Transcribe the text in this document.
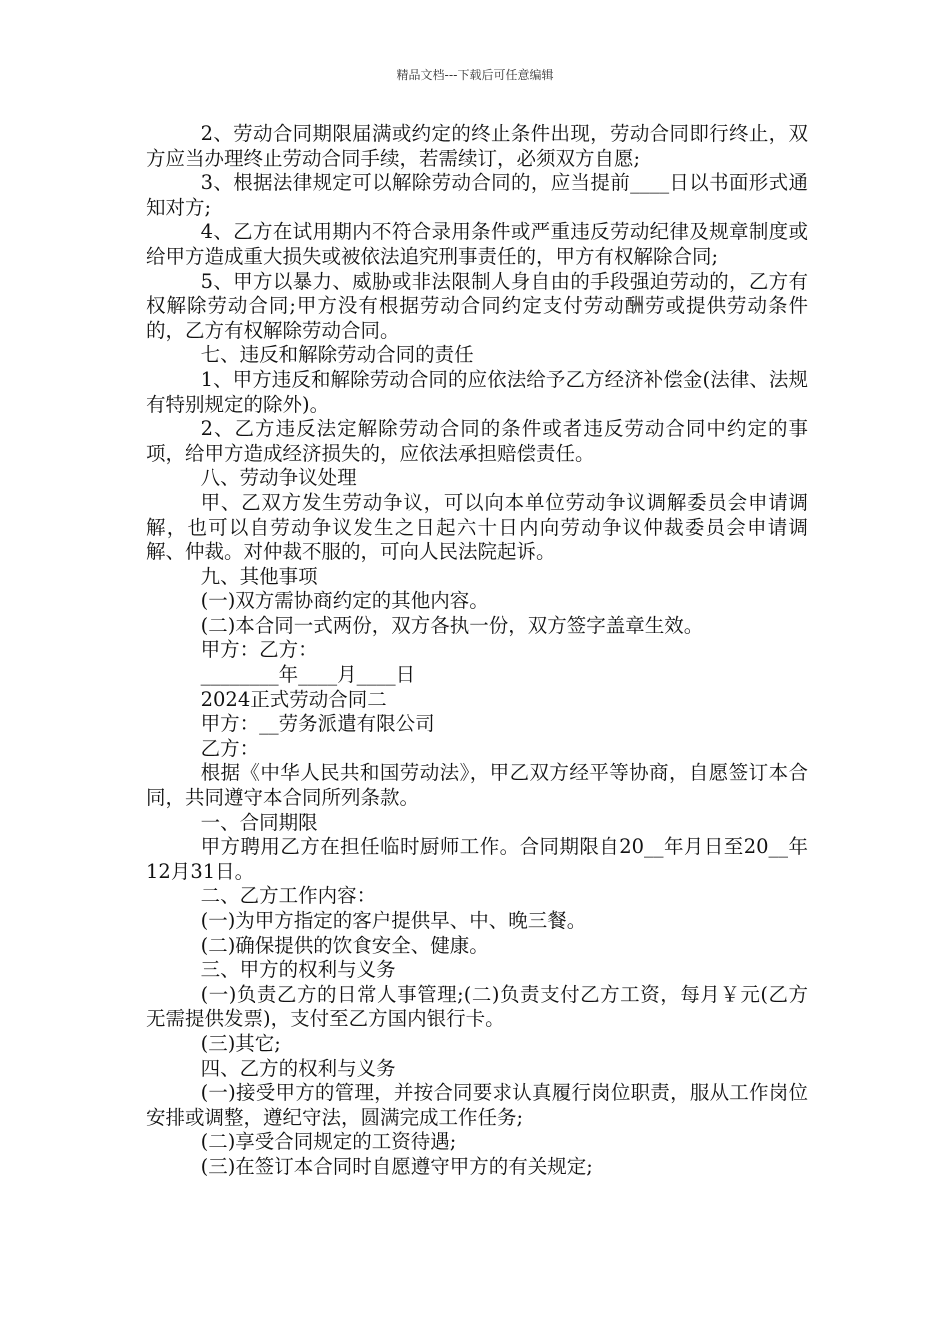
精品文档---下载后可任意编辑

2、劳动合同期限届满或约定的终止条件出现，劳动合同即行终止，双方应当办理终止劳动合同手续，若需续订，必须双方自愿;

3、根据法律规定可以解除劳动合同的，应当提前____日以书面形式通知对方;

4、乙方在试用期内不符合录用条件或严重违反劳动纪律及规章制度或给甲方造成重大损失或被依法追究刑事责任的，甲方有权解除合同;

5、甲方以暴力、威胁或非法限制人身自由的手段强迫劳动的，乙方有权解除劳动合同;甲方没有根据劳动合同约定支付劳动酬劳或提供劳动条件的，乙方有权解除劳动合同。

七、违反和解除劳动合同的责任

1、甲方违反和解除劳动合同的应依法给予乙方经济补偿金(法律、法规有特别规定的除外)。

2、乙方违反法定解除劳动合同的条件或者违反劳动合同中约定的事项，给甲方造成经济损失的，应依法承担赔偿责任。

八、劳动争议处理

甲、乙双方发生劳动争议，可以向本单位劳动争议调解委员会申请调解，也可以自劳动争议发生之日起六十日内向劳动争议仲裁委员会申请调解、仲裁。对仲裁不服的，可向人民法院起诉。

九、其他事项

(一)双方需协商约定的其他内容。

(二)本合同一式两份，双方各执一份，双方签字盖章生效。

甲方：乙方：

________年____月____日

2024正式劳动合同二

甲方：__劳务派遣有限公司

乙方：

根据《中华人民共和国劳动法》，甲乙双方经平等协商，自愿签订本合同，共同遵守本合同所列条款。

一、合同期限

甲方聘用乙方在担任临时厨师工作。合同期限自20__年月日至20__年12月31日。

二、乙方工作内容：

(一)为甲方指定的客户提供早、中、晚三餐。

(二)确保提供的饮食安全、健康。

三、甲方的权利与义务

(一)负责乙方的日常人事管理;(二)负责支付乙方工资，每月￥元(乙方无需提供发票)，支付至乙方国内银行卡。

(三)其它;

四、乙方的权利与义务

(一)接受甲方的管理，并按合同要求认真履行岗位职责，服从工作岗位安排或调整，遵纪守法，圆满完成工作任务;

(二)享受合同规定的工资待遇;

(三)在签订本合同时自愿遵守甲方的有关规定;
